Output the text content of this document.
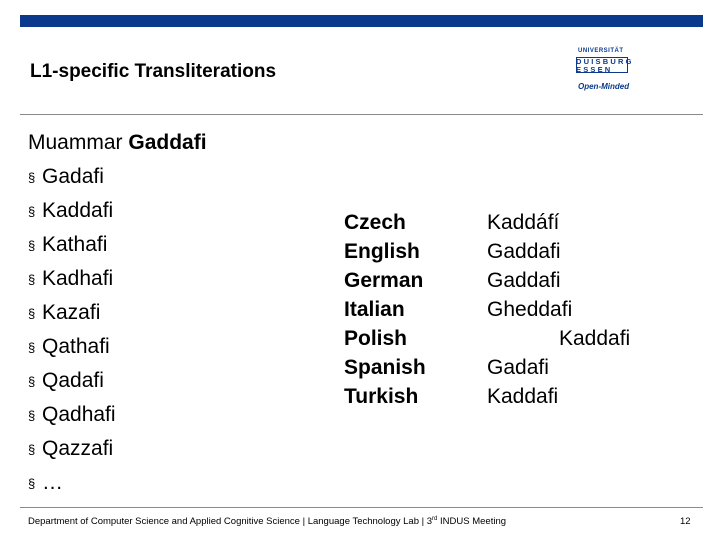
L1-specific Transliterations
UNIVERSITÄT
DUISBURG
ESSEN
Open-Minded
Muammar Gaddafi
§ Gadafi
§ Kaddafi
§ Kathafi
§ Kadhafi
§ Kazafi
§ Qathafi
§ Qadafi
§ Qadhafi
§ Qazzafi
§ …
Czech
English
German
Italian
Polish
Spanish
Turkish
Kaddáfí
Gaddafi
Gaddafi
Gheddafi
Kaddafi
Gadafi
Kaddafi
Department of Computer Science and Applied Cognitive Science | Language Technology Lab | 3rd INDUS Meeting	12
